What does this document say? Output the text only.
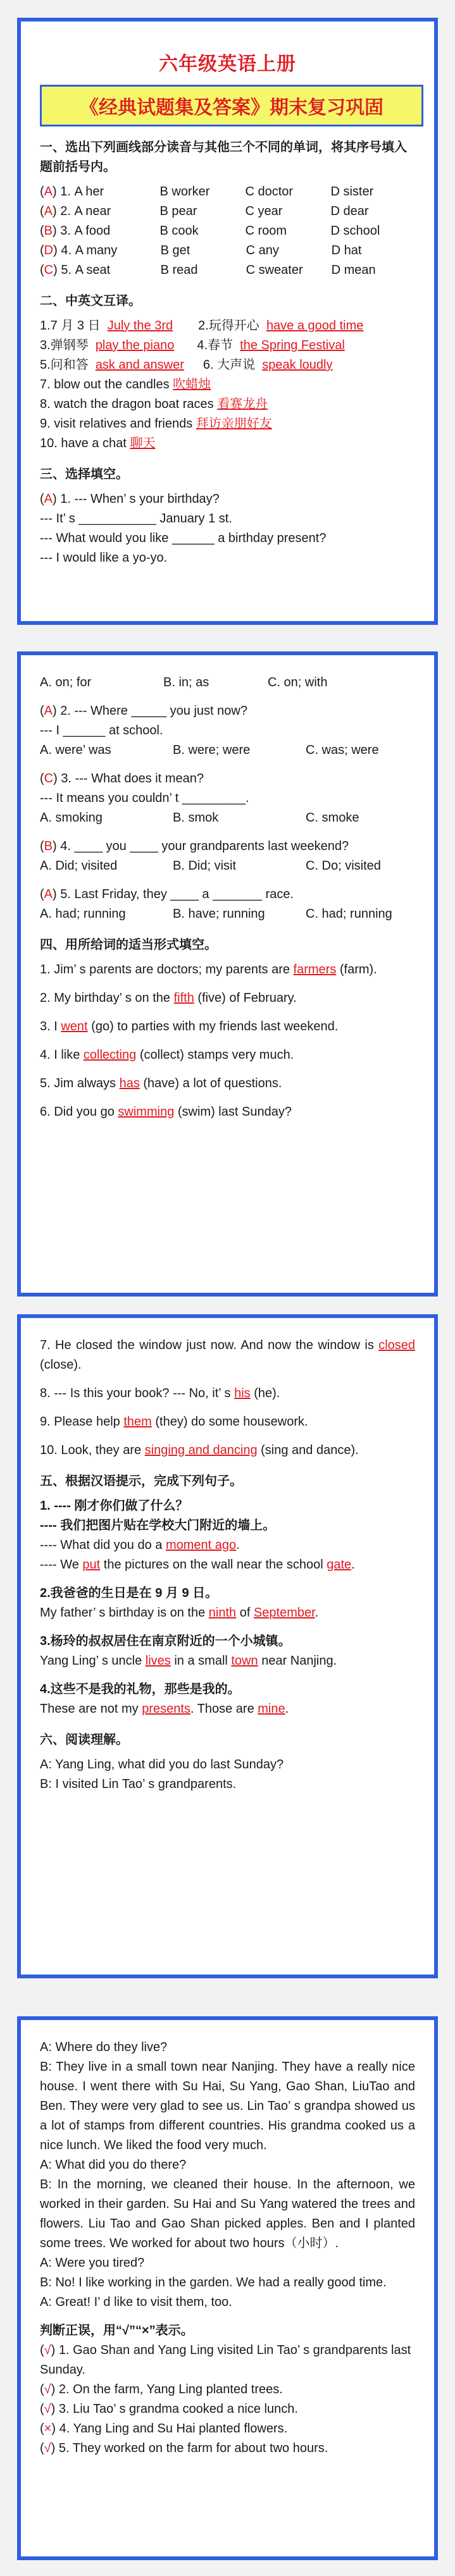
六年级英语上册
《经典试题集及答案》期末复习巩固
一、选出下列画线部分读音与其他三个不同的单词，将其序号填入题前括号内。
(A) 1. A her	B worker	C doctor	D sister
(A) 2. A near	B pear	C year	D dear
(B) 3. A food	B cook	C room	D school
(D) 4. A many	B get	C any	D hat
(C) 5. A seat	B read	C sweater D mean
二、中英文互译。
1.7 月 3 日 July the 3rd 2.玩得开心 have a good time
3.弹钢琴 play the piano 4.春节 the Spring Festival
5.问和答 ask and answer 6. 大声说 speak loudly
7. blow out the candles 吹蜡烛
8. watch the dragon boat races 看赛龙舟
9. visit relatives and friends 拜访亲朋好友
10. have a chat 聊天
三、选择填空。
(A) 1. --- When’ s your birthday?
--- It’ s ___________ January 1 st.
--- What would you like ______ a birthday present?
--- I would like a yo-yo.
A. on; for	B. in; as	C. on; with
(A) 2. --- Where _____ you just now?
--- I ______ at school.
A. were’ was	B. were; were	C. was; were
(C) 3. --- What does it mean?
--- It means you couldn’ t _________.
A. smoking	B. smok	C. smoke
(B) 4. ____ you ____ your grandparents last weekend?
A. Did; visited	B. Did; visit	C. Do; visited
(A) 5. Last Friday, they ____ a _______ race.
A. had; running	B. have; running	C. had; running
四、用所给词的适当形式填空。
1. Jim’ s parents are doctors; my parents are farmers (farm).
2. My birthday’ s on the fifth (five) of February.
3. I went (go) to parties with my friends last weekend.
4. I like collecting (collect) stamps very much.
5. Jim always has (have) a lot of questions.
6. Did you go swimming (swim) last Sunday?
7. He closed the window just now. And now the window is closed (close).
8. --- Is this your book? --- No, it’ s his (he).
9. Please help them (they) do some housework.
10. Look, they are singing and dancing (sing and dance).
五、根据汉语提示，完成下列句子。
1. ---- 刚才你们做了什么？
---- 我们把图片贴在学校大门附近的墙上。
---- What did you do a moment ago.
---- We put the pictures on the wall near the school gate.
2.我爸爸的生日是在 9 月 9 日。
My father’ s birthday is on the ninth of September.
3.杨玲的叔叔居住在南京附近的一个小城镇。
Yang Ling’ s uncle lives in a small town near Nanjing.
4.这些不是我的礼物，那些是我的。
These are not my presents. Those are mine.
六、阅读理解。
A: Yang Ling, what did you do last Sunday?
B: I visited Lin Tao’ s grandparents.
A: Where do they live?
B: They live in a small town near Nanjing. They have a really nice house. I went there with Su Hai, Su Yang, Gao Shan, LiuTao and Ben. They were very glad to see us. Lin Tao’ s grandpa showed us a lot of stamps from different countries. His grandma cooked us a nice lunch. We liked the food very much.
A: What did you do there?
B: In the morning, we cleaned their house. In the afternoon, we worked in their garden. Su Hai and Su Yang watered the trees and flowers. Liu Tao and Gao Shan picked apples. Ben and I planted some trees. We worked for about two hours（小时）.
A: Were you tired?
B: No! I like working in the garden. We had a really good time.
A: Great! I’ d like to visit them, too.
判断正误，用“√”“×”表示。
(√) 1. Gao Shan and Yang Ling visited Lin Tao’ s grandparents last Sunday.
(√) 2. On the farm, Yang Ling planted trees.
(√) 3. Liu Tao’ s grandma cooked a nice lunch.
(×) 4. Yang Ling and Su Hai planted flowers.
(√) 5. They worked on the farm for about two hours.
